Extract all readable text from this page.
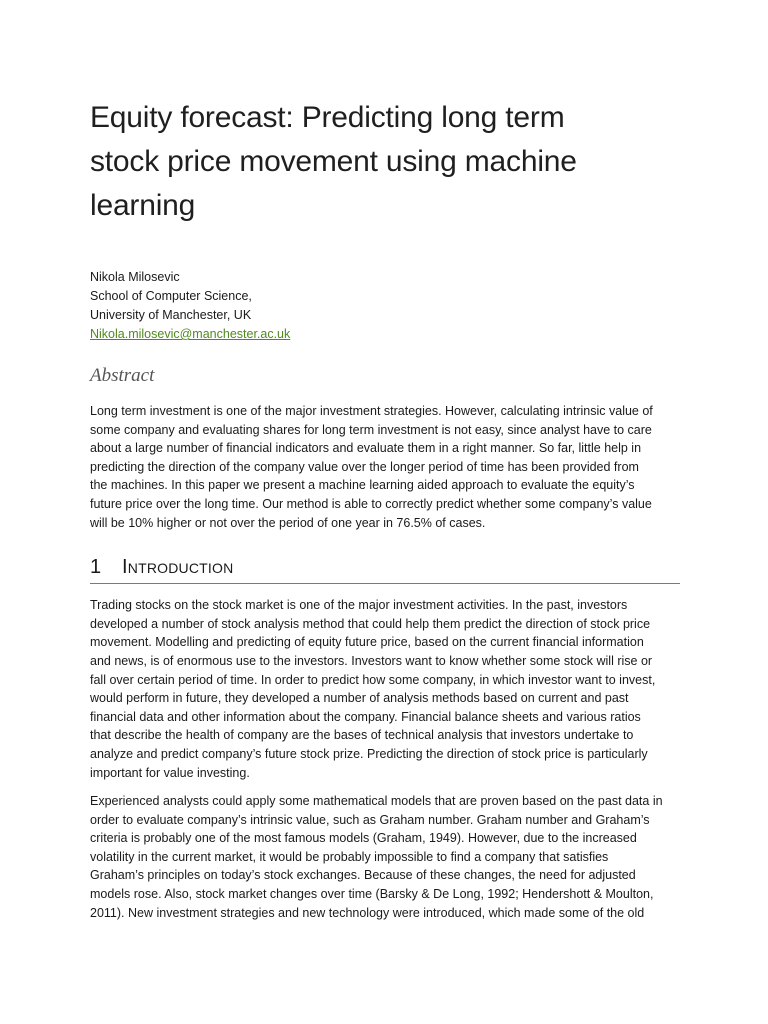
Equity forecast: Predicting long term
stock price movement using machine
learning
Nikola Milosevic
School of Computer Science,
University of Manchester, UK
Nikola.milosevic@manchester.ac.uk
Abstract
Long term investment is one of the major investment strategies. However, calculating intrinsic value of
some company and evaluating shares for long term investment is not easy, since analyst have to care
about a large number of financial indicators and evaluate them in a right manner. So far, little help in
predicting the direction of the company value over the longer period of time has been provided from
the machines. In this paper we present a machine learning aided approach to evaluate the equity’s
future price over the long time. Our method is able to correctly predict whether some company’s value
will be 10% higher or not over the period of one year in 76.5% of cases.
1	Introduction
Trading stocks on the stock market is one of the major investment activities. In the past, investors
developed a number of stock analysis method that could help them predict the direction of stock price
movement. Modelling and predicting of equity future price, based on the current financial information
and news, is of enormous use to the investors. Investors want to know whether some stock will rise or
fall over certain period of time. In order to predict how some company, in which investor want to invest,
would perform in future, they developed a number of analysis methods based on current and past
financial data and other information about the company. Financial balance sheets and various ratios
that describe the health of company are the bases of technical analysis that investors undertake to
analyze and predict company’s future stock prize. Predicting the direction of stock price is particularly
important for value investing.
Experienced analysts could apply some mathematical models that are proven based on the past data in
order to evaluate company’s intrinsic value, such as Graham number. Graham number and Graham’s
criteria is probably one of the most famous models (Graham, 1949). However, due to the increased
volatility in the current market, it would be probably impossible to find a company that satisfies
Graham’s principles on today’s stock exchanges. Because of these changes, the need for adjusted
models rose. Also, stock market changes over time (Barsky & De Long, 1992; Hendershott & Moulton,
2011). New investment strategies and new technology were introduced, which made some of the old
